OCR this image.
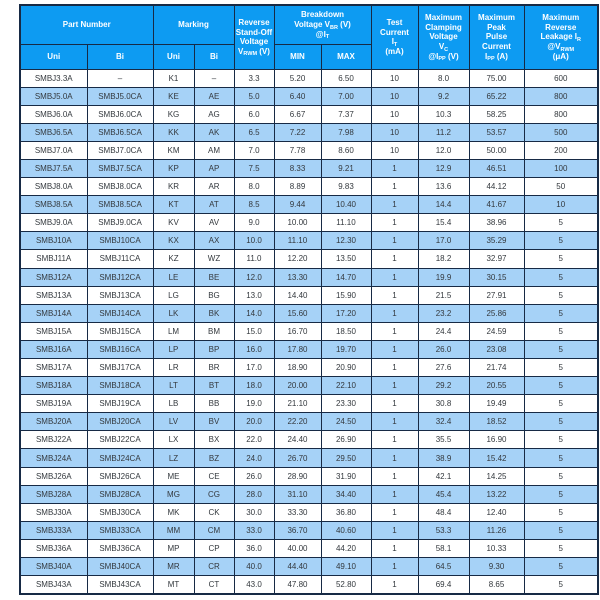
Part Number		Marking		Reverse
Stand-Off
Voltage
$V_{RWM}$ (V)	Breakdown
Voltage $V_{BR}$ (V)
$@I_T$		Test
Current
$I_T$
(mA)	Maximum
Clamping
Voltage
$V_C$
$@I_{PP}$ (V)	Maximum
Peak
Pulse
Current
$I_{PP}$ (A)	Maximum
Reverse
Leakage $I_R$
$@V_{RWM}$
(μA)
Uni	Bi	Uni	Bi		MIN	MAX				
SMBJ3.3A	–	K1	–	3.3	5.20	6.50	10	8.0	75.00	600
SMBJ5.0A	SMBJ5.0CA	KE	AE	5.0	6.40	7.00	10	9.2	65.22	800
SMBJ6.0A	SMBJ6.0CA	KG	AG	6.0	6.67	7.37	10	10.3	58.25	800
SMBJ6.5A	SMBJ6.5CA	KK	AK	6.5	7.22	7.98	10	11.2	53.57	500
SMBJ7.0A	SMBJ7.0CA	KM	AM	7.0	7.78	8.60	10	12.0	50.00	200
SMBJ7.5A	SMBJ7.5CA	KP	AP	7.5	8.33	9.21	1	12.9	46.51	100
SMBJ8.0A	SMBJ8.0CA	KR	AR	8.0	8.89	9.83	1	13.6	44.12	50
SMBJ8.5A	SMBJ8.5CA	KT	AT	8.5	9.44	10.40	1	14.4	41.67	10
SMBJ9.0A	SMBJ9.0CA	KV	AV	9.0	10.00	11.10	1	15.4	38.96	5
SMBJ10A	SMBJ10CA	KX	AX	10.0	11.10	12.30	1	17.0	35.29	5
SMBJ11A	SMBJ11CA	KZ	WZ	11.0	12.20	13.50	1	18.2	32.97	5
SMBJ12A	SMBJ12CA	LE	BE	12.0	13.30	14.70	1	19.9	30.15	5
SMBJ13A	SMBJ13CA	LG	BG	13.0	14.40	15.90	1	21.5	27.91	5
SMBJ14A	SMBJ14CA	LK	BK	14.0	15.60	17.20	1	23.2	25.86	5
SMBJ15A	SMBJ15CA	LM	BM	15.0	16.70	18.50	1	24.4	24.59	5
SMBJ16A	SMBJ16CA	LP	BP	16.0	17.80	19.70	1	26.0	23.08	5
SMBJ17A	SMBJ17CA	LR	BR	17.0	18.90	20.90	1	27.6	21.74	5
SMBJ18A	SMBJ18CA	LT	BT	18.0	20.00	22.10	1	29.2	20.55	5
SMBJ19A	SMBJ19CA	LB	BB	19.0	21.10	23.30	1	30.8	19.49	5
SMBJ20A	SMBJ20CA	LV	BV	20.0	22.20	24.50	1	32.4	18.52	5
SMBJ22A	SMBJ22CA	LX	BX	22.0	24.40	26.90	1	35.5	16.90	5
SMBJ24A	SMBJ24CA	LZ	BZ	24.0	26.70	29.50	1	38.9	15.42	5
SMBJ26A	SMBJ26CA	ME	CE	26.0	28.90	31.90	1	42.1	14.25	5
SMBJ28A	SMBJ28CA	MG	CG	28.0	31.10	34.40	1	45.4	13.22	5
SMBJ30A	SMBJ30CA	MK	CK	30.0	33.30	36.80	1	48.4	12.40	5
SMBJ33A	SMBJ33CA	MM	CM	33.0	36.70	40.60	1	53.3	11.26	5
SMBJ36A	SMBJ36CA	MP	CP	36.0	40.00	44.20	1	58.1	10.33	5
SMBJ40A	SMBJ40CA	MR	CR	40.0	44.40	49.10	1	64.5	9.30	5
SMBJ43A	SMBJ43CA	MT	CT	43.0	47.80	52.80	1	69.4	8.65	5
